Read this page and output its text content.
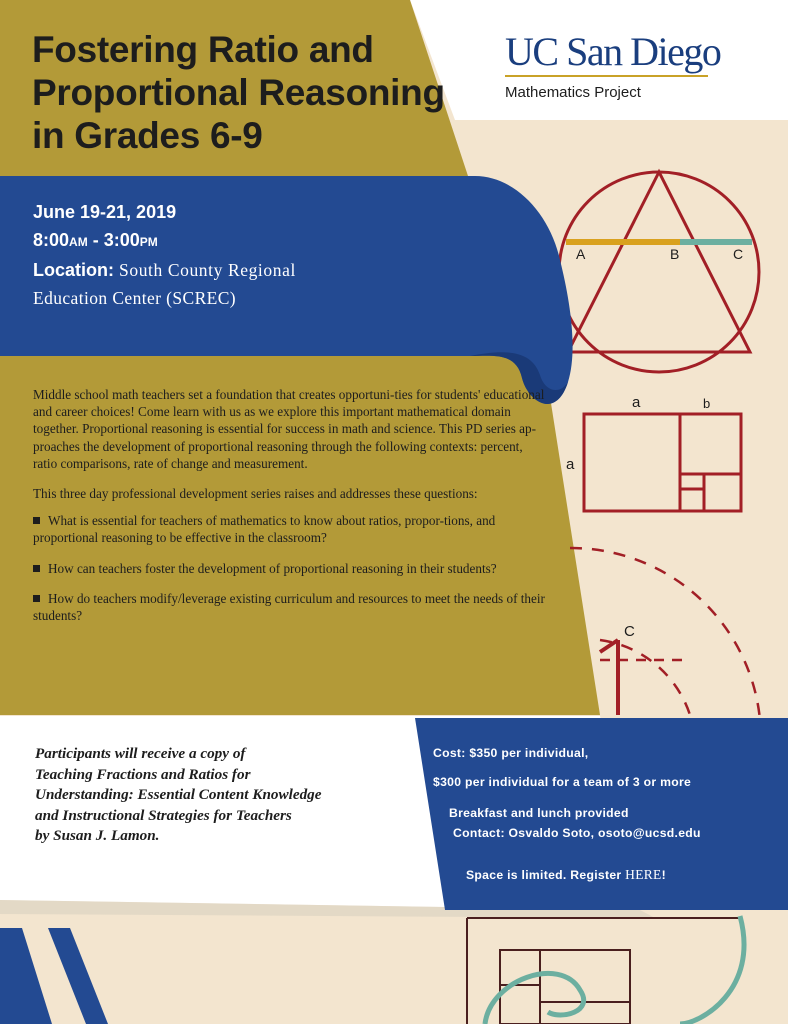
Fostering Ratio and
Proportional Reasoning
in Grades 6-9
UC San Diego
Mathematics Project
June 19-21, 2019
8:00AM - 3:00PM
Location: South County Regional
Education Center (SCREC)

Middle school math teachers set a foundation that creates opportuni-ties for students' educational and career choices! Come learn with us as we explore this important mathematical domain together. Proportional reasoning is essential for success in math and science. This PD series ap-proaches the development of proportional reasoning through the following contexts: percent, ratio comparisons, rate of change and measurement.

This three day professional development series raises and addresses these questions:

What is essential for teachers of mathematics to know about ratios, propor-tions, and proportional reasoning to be effective in the classroom?

How can teachers foster the development of proportional reasoning in their students?

How do teachers modify/leverage existing curriculum and resources to meet the needs of their students?

Participants will receive a copy of
Teaching Fractions and Ratios for
Understanding: Essential Content Knowledge
and Instructional Strategies for Teachers
by Susan J. Lamon.
Cost: $350 per individual,
$300 per individual for a team of 3 or more
Breakfast and lunch provided
Contact: Osvaldo Soto, osoto@ucsd.edu
Space is limited. Register HERE!
A	B	C
a	b
a
C
